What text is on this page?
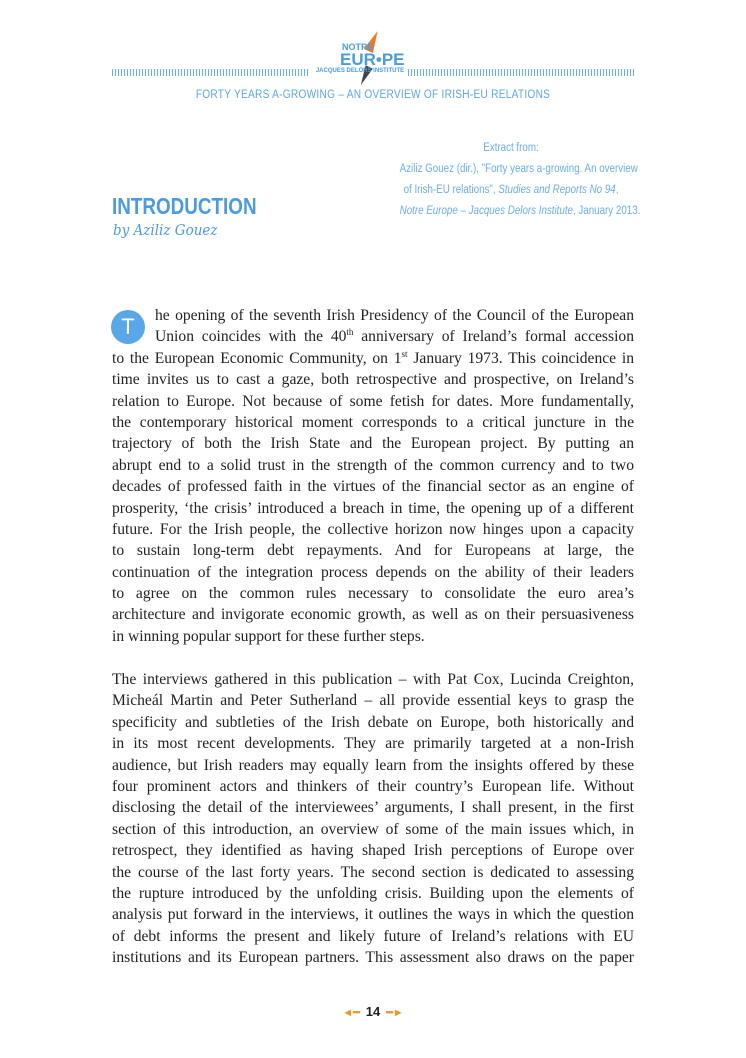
NOTRE
EUR•PE
JACQUES DELORS INSTITUTE
FORTY YEARS A-GROWING – AN OVERVIEW OF IRISH-EU RELATIONS
Extract from:
Aziliz Gouez (dir.), "Forty years a-growing. An overview
of Irish-EU relations", Studies and Reports No 94,
Notre Europe – Jacques Delors Institute, January 2013.
INTRODUCTION
by Aziliz Gouez
T	he opening of the seventh Irish Presidency of the Council of the European
Union coincides with the 40th anniversary of Ireland’s formal accession
to the European Economic Community, on 1st January 1973. This coincidence in
time invites us to cast a gaze, both retrospective and prospective, on Ireland’s
relation to Europe. Not because of some fetish for dates. More fundamentally,
the contemporary historical moment corresponds to a critical juncture in the
trajectory of both the Irish State and the European project. By putting an
abrupt end to a solid trust in the strength of the common currency and to two
decades of professed faith in the virtues of the financial sector as an engine of
prosperity, ‘the crisis’ introduced a breach in time, the opening up of a different
future. For the Irish people, the collective horizon now hinges upon a capacity
to sustain long-term debt repayments. And for Europeans at large, the
continuation of the integration process depends on the ability of their leaders
to agree on the common rules necessary to consolidate the euro area’s
architecture and invigorate economic growth, as well as on their persuasiveness
in winning popular support for these further steps.
The interviews gathered in this publication – with Pat Cox, Lucinda Creighton,
Micheál Martin and Peter Sutherland – all provide essential keys to grasp the
specificity and subtleties of the Irish debate on Europe, both historically and
in its most recent developments. They are primarily targeted at a non-Irish
audience, but Irish readers may equally learn from the insights offered by these
four prominent actors and thinkers of their country’s European life. Without
disclosing the detail of the interviewees’ arguments, I shall present, in the first
section of this introduction, an overview of some of the main issues which, in
retrospect, they identified as having shaped Irish perceptions of Europe over
the course of the last forty years. The second section is dedicated to assessing
the rupture introduced by the unfolding crisis. Building upon the elements of
analysis put forward in the interviews, it outlines the ways in which the question
of debt informs the present and likely future of Ireland’s relations with EU
institutions and its European partners. This assessment also draws on the paper
◄━ 14 ━►
